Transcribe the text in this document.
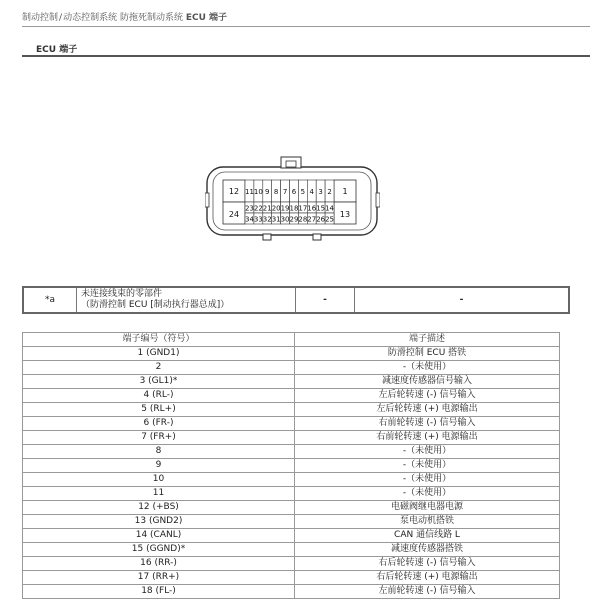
制动控制/动态控制系统 防拖死制动系统 ECU 端子
ECU 端子
12
24
1
13
11 10 9 8 7 6 5 4 3 2
23 22 21 20 19 18 17 16 15 14
34 33 32 31 30 29 28 27 26 25
*a	
未连接线束的零部件
（防滑控制 ECU [制动执行器总成]）	-	-
端子编号（符号）	端子描述
1 (GND1)	防滑控制 ECU 搭铁
2	-（未使用）
3 (GL1)*	减速度传感器信号输入
4 (RL-)	左后轮转速 (-) 信号输入
5 (RL+)	左后轮转速 (+) 电源输出
6 (FR-)	右前轮转速 (-) 信号输入
7 (FR+)	右前轮转速 (+) 电源输出
8	-（未使用）
9	-（未使用）
10	-（未使用）
11	-（未使用）
12 (+BS)	电磁阀继电器电源
13 (GND2)	泵电动机搭铁
14 (CANL)	CAN 通信线路 L
15 (GGND)*	减速度传感器搭铁
16 (RR-)	右后轮转速 (-) 信号输入
17 (RR+)	右后轮转速 (+) 电源输出
18 (FL-)	左前轮转速 (-) 信号输入
